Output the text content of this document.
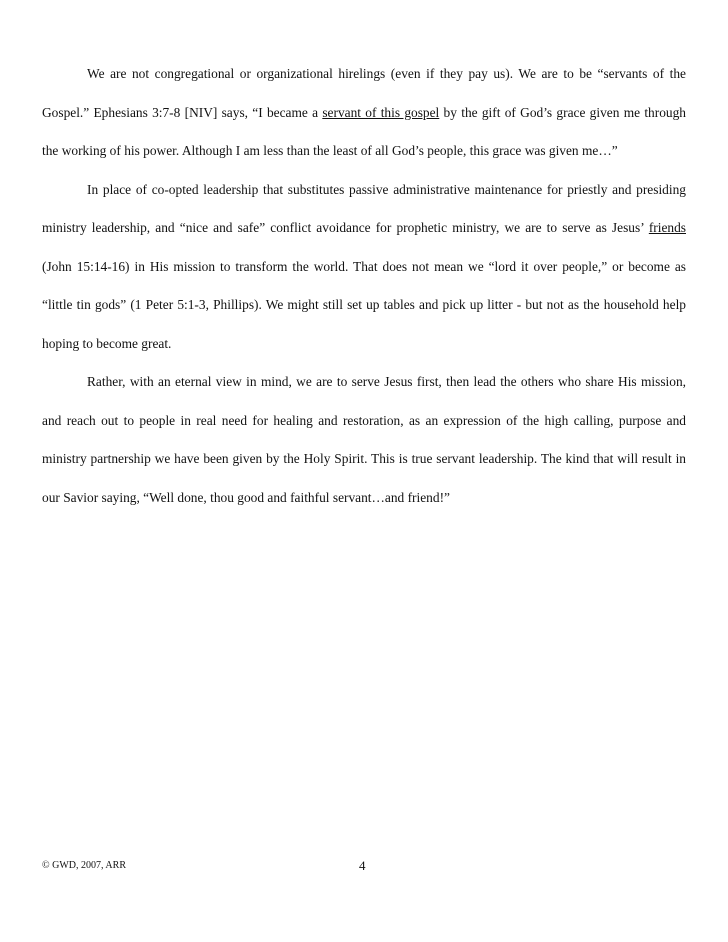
We are not congregational or organizational hirelings (even if they pay us). We are to be “servants of the Gospel.” Ephesians 3:7-8 [NIV] says, “I became a servant of this gospel by the gift of God’s grace given me through the working of his power. Although I am less than the least of all God’s people, this grace was given me…”

In place of co-opted leadership that substitutes passive administrative maintenance for priestly and presiding ministry leadership, and “nice and safe” conflict avoidance for prophetic ministry, we are to serve as Jesus’ friends (John 15:14-16) in His mission to transform the world. That does not mean we “lord it over people,” or become as “little tin gods” (1 Peter 5:1-3, Phillips). We might still set up tables and pick up litter - but not as the household help hoping to become great.

Rather, with an eternal view in mind, we are to serve Jesus first, then lead the others who share His mission, and reach out to people in real need for healing and restoration, as an expression of the high calling, purpose and ministry partnership we have been given by the Holy Spirit. This is true servant leadership. The kind that will result in our Savior saying, “Well done, thou good and faithful servant…and friend!”

© GWD, 2007, ARR	4
